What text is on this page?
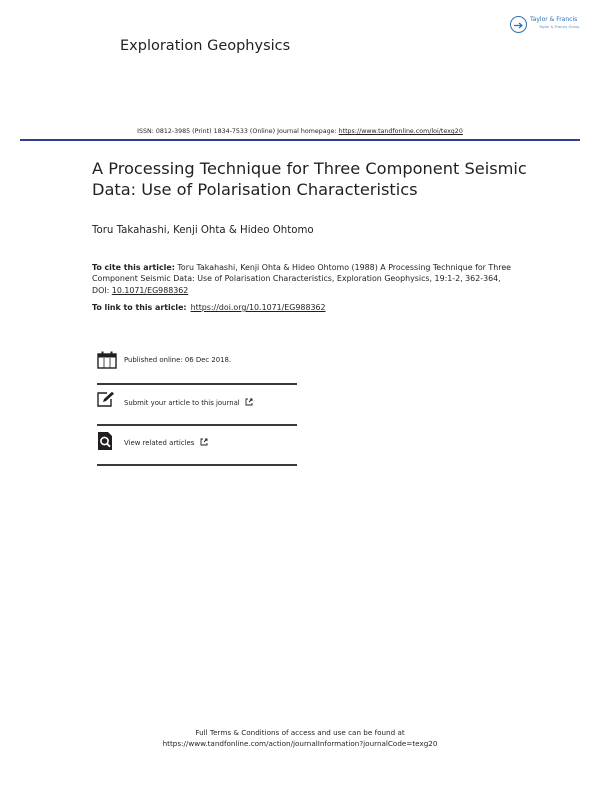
Exploration Geophysics
Taylor & Francis
Taylor & Francis Group
ISSN: 0812-3985 (Print) 1834-7533 (Online) Journal homepage: https://www.tandfonline.com/loi/texg20
A Processing Technique for Three Component Seismic Data: Use of Polarisation Characteristics
Toru Takahashi, Kenji Ohta & Hideo Ohtomo
To cite this article: Toru Takahashi, Kenji Ohta & Hideo Ohtomo (1988) A Processing Technique for Three Component Seismic Data: Use of Polarisation Characteristics, Exploration Geophysics, 19:1-2, 362-364, DOI: 10.1071/EG988362
To link to this article: https://doi.org/10.1071/EG988362
Published online: 06 Dec 2018.
Submit your article to this journal
View related articles
Full Terms & Conditions of access and use can be found at
https://www.tandfonline.com/action/journalInformation?journalCode=texg20
